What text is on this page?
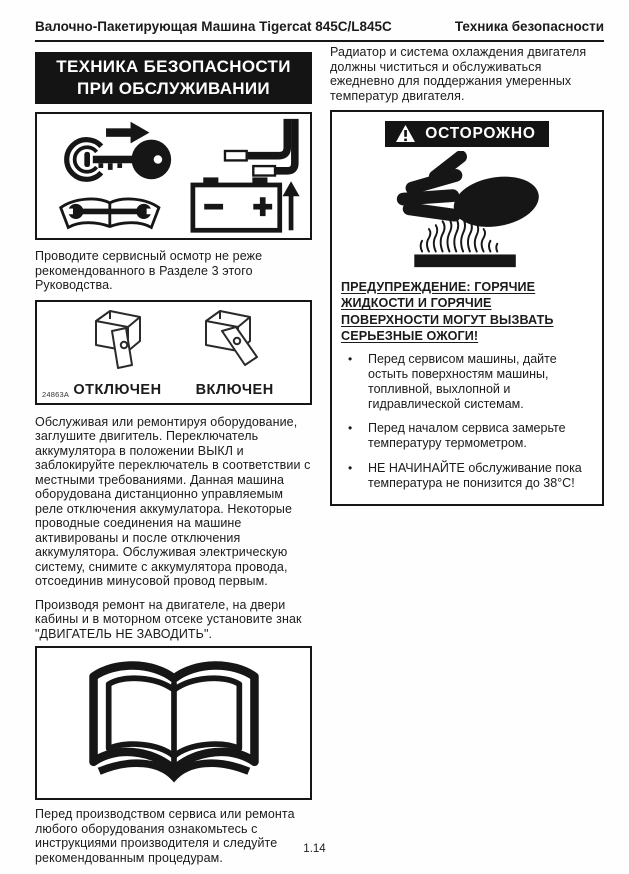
Валочно-Пакетирующая Машина Tigercat 845C/L845C	Техника безопасности
ТЕХНИКА БЕЗОПАСНОСТИ
ПРИ ОБСЛУЖИВАНИИ

Проводите сервисный осмотр не реже рекомендованного в Разделе 3 этого Руководства.

ОТКЛЮЧЕН ВКЛЮЧЕН
24863A

Обслуживая или ремонтируя оборудование, заглушите двигитель. Переключатель аккумулятора в положении ВЫКЛ и заблокируйте переключатель в соответствии с местными требованиями. Данная машина оборудована дистанционно управляемым реле отключения аккумулатора. Некоторые проводные соединения на машине активированы и после отключения аккумулятора. Обслуживая электрическую систему, снимите с аккумулятора провода, отсоединив минусовой провод первым.

Производя ремонт на двигателе, на двери кабины и в моторном отсеке установите знак "ДВИГАТЕЛЬ НЕ ЗАВОДИТЬ".

Перед производством сервиса или ремонта любого оборудования ознакомьтесь с инструкциями производителя и следуйте рекомендованным процедурам.

Радиатор и система охлаждения двигателя должны чиститься и обслуживаться ежедневно для поддержания умеренных температур двигателя.

ОСТОРОЖНО

ПРЕДУПРЕЖДЕНИЕ: ГОРЯЧИЕ ЖИДКОСТИ И ГОРЯЧИЕ ПОВЕРХНОСТИ МОГУТ ВЫЗВАТЬ СЕРЬЕЗНЫЕ ОЖОГИ!

•	Перед сервисом машины, дайте остыть поверхностям машины, топливной, выхлопной и гидравлической системам.
•	Перед началом сервиса замерьте температуру термометром.
•	НЕ НАЧИНАЙТЕ обслуживание пока температура не понизится до 38°C!
1.14
